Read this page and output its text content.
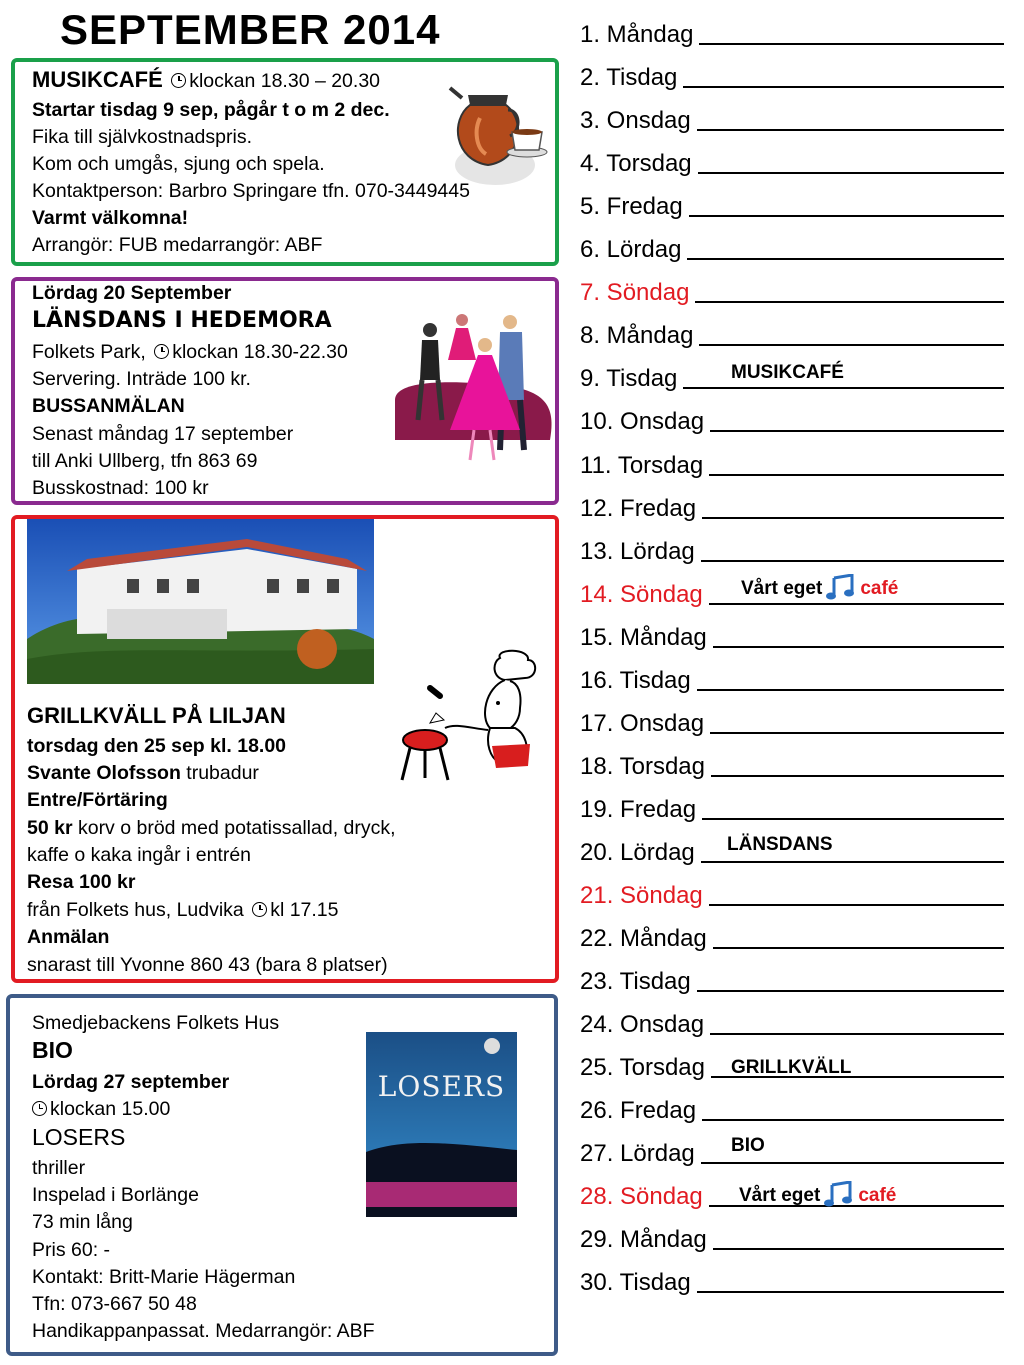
SEPTEMBER 2014
MUSIKCAFÉ klockan 18.30 – 20.30
Startar tisdag 9 sep, pågår t o m 2 dec.
Fika till självkostnadspris.
Kom och umgås, sjung och spela.
Kontaktperson: Barbro Springare tfn. 070-3449445
Varmt välkomna!
Arrangör: FUB medarrangör: ABF
Lördag 20 September
LÄNSDANS I HEDEMORA
Folkets Park, klockan 18.30-22.30
Servering. Inträde 100 kr.
BUSSANMÄLAN
Senast måndag 17 september
till Anki Ullberg, tfn 863 69
Busskostnad: 100 kr
GRILLKVÄLL PÅ LILJAN
torsdag den 25 sep kl. 18.00
Svante Olofsson trubadur
Entre/Förtäring
50 kr korv o bröd med potatissallad, dryck,
kaffe o kaka ingår i entrén
Resa 100 kr
från Folkets hus, Ludvika kl 17.15
Anmälan
snarast till Yvonne 860 43 (bara 8 platser)
Smedjebackens Folkets Hus
BIO
Lördag 27 september
klockan 15.00
LOSERS
thriller
Inspelad i Borlänge
73 min lång
Pris 60: -
Kontakt: Britt-Marie Hägerman
Tfn: 073-667 50 48
Handikappanpassat. Medarrangör: ABF
LOSERS
1. Måndag
2. Tisdag
3. Onsdag
4. Torsdag
5. Fredag
6. Lördag
7. Söndag
8. Måndag
9. Tisdag
10. Onsdag
11. Torsdag
12. Fredag
13. Lördag
14. Söndag
15. Måndag
16. Tisdag
17. Onsdag
18. Torsdag
19. Fredag
20. Lördag
21. Söndag
22. Måndag
23. Tisdag
24. Onsdag
25. Torsdag
26. Fredag
27. Lördag
28. Söndag
29. Måndag
30. Tisdag
MUSIKCAFÉ
Vårt eget café
LÄNSDANS
GRILLKVÄLL
BIO
Vårt eget café
